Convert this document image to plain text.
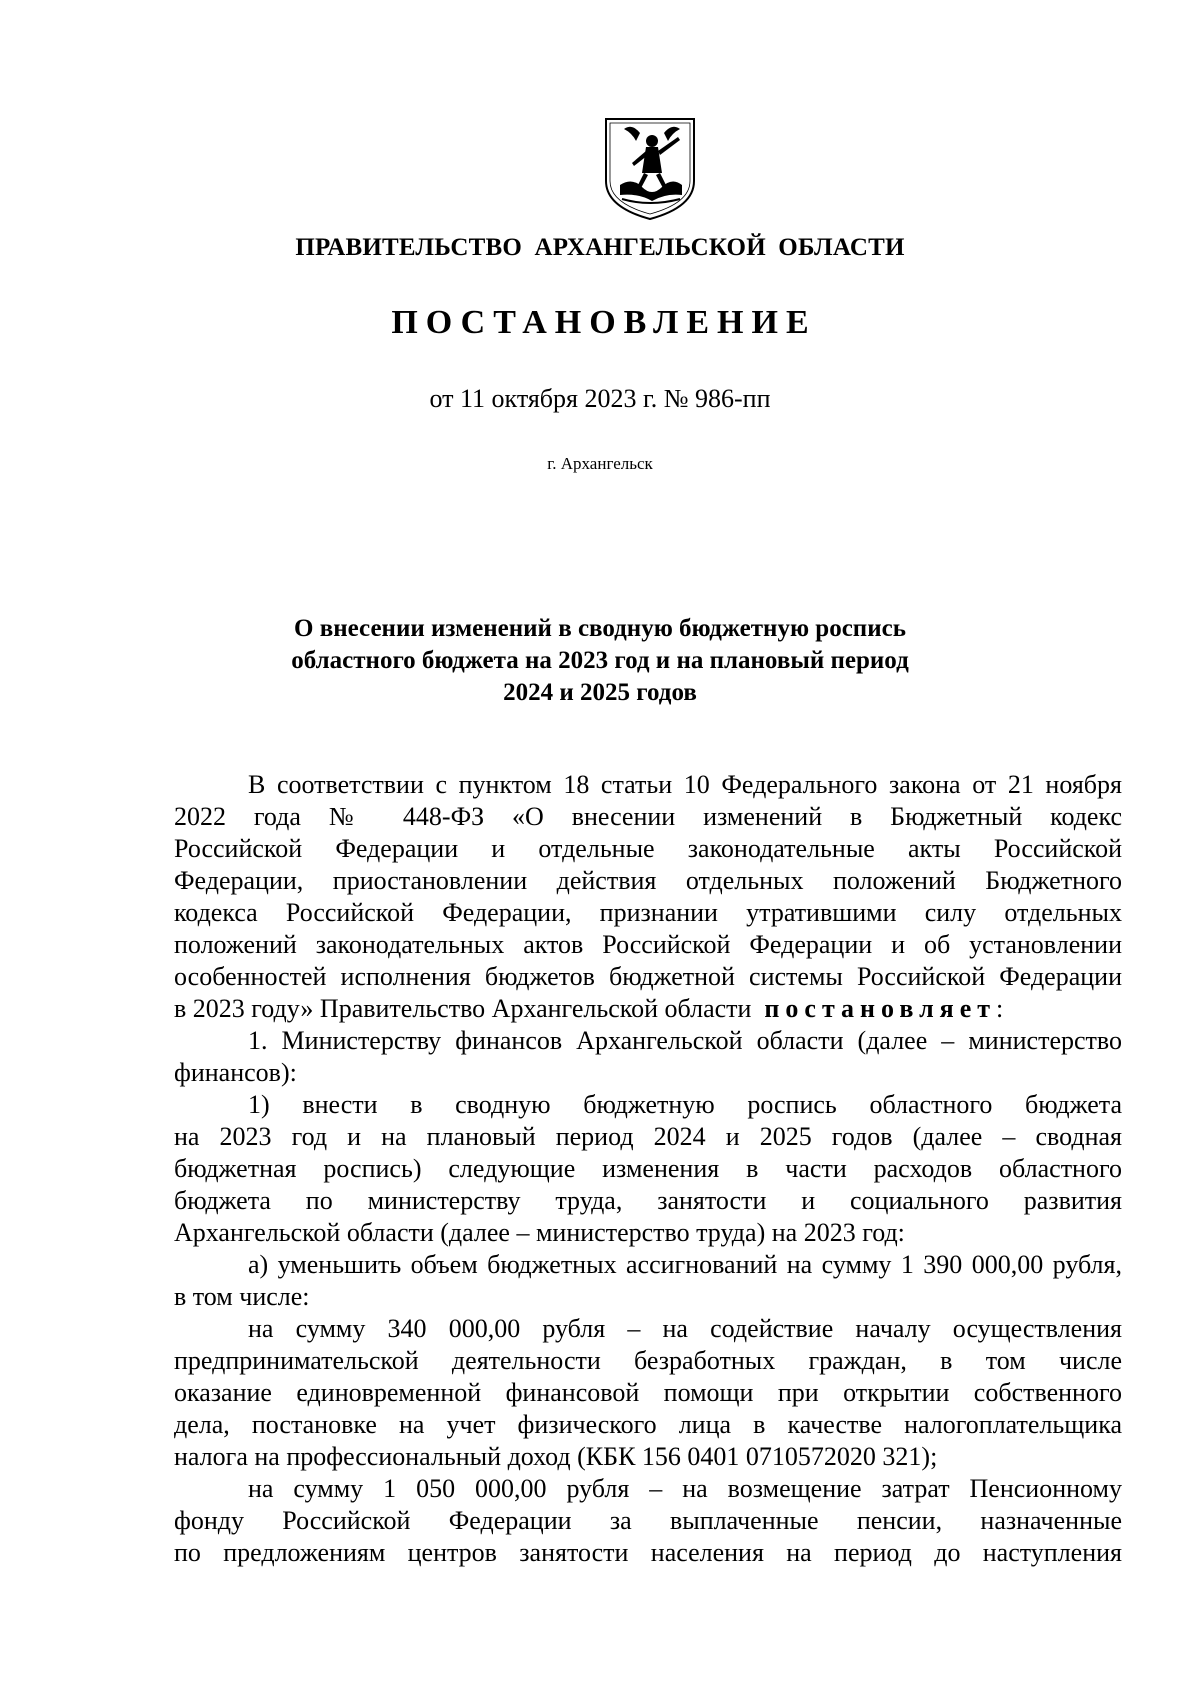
ПРАВИТЕЛЬСТВО АРХАНГЕЛЬСКОЙ ОБЛАСТИ
ПОСТАНОВЛЕНИЕ
от 11 октября 2023 г. № 986-пп
г. Архангельск
О внесении изменений в сводную бюджетную роспись
областного бюджета на 2023 год и на плановый период
2024 и 2025 годов
В соответствии с пунктом 18 статьи 10 Федерального закона от 21 ноября
2022 года № 448-ФЗ «О внесении изменений в Бюджетный кодекс
Российской Федерации и отдельные законодательные акты Российской
Федерации, приостановлении действия отдельных положений Бюджетного
кодекса Российской Федерации, признании утратившими силу отдельных
положений законодательных актов Российской Федерации и об установлении
особенностей исполнения бюджетов бюджетной системы Российской Федерации
в 2023 году» Правительство Архангельской области постановляет:
1. Министерству финансов Архангельской области (далее – министерство
финансов):
1) внести в сводную бюджетную роспись областного бюджета
на 2023 год и на плановый период 2024 и 2025 годов (далее – сводная
бюджетная роспись) следующие изменения в части расходов областного
бюджета по министерству труда, занятости и социального развития
Архангельской области (далее – министерство труда) на 2023 год:
а) уменьшить объем бюджетных ассигнований на сумму 1 390 000,00 рубля,
в том числе:
на сумму 340 000,00 рубля – на содействие началу осуществления
предпринимательской деятельности безработных граждан, в том числе
оказание единовременной финансовой помощи при открытии собственного
дела, постановке на учет физического лица в качестве налогоплательщика
налога на профессиональный доход (КБК 156 0401 0710572020 321);
на сумму 1 050 000,00 рубля – на возмещение затрат Пенсионному
фонду Российской Федерации за выплаченные пенсии, назначенные
по предложениям центров занятости населения на период до наступления
